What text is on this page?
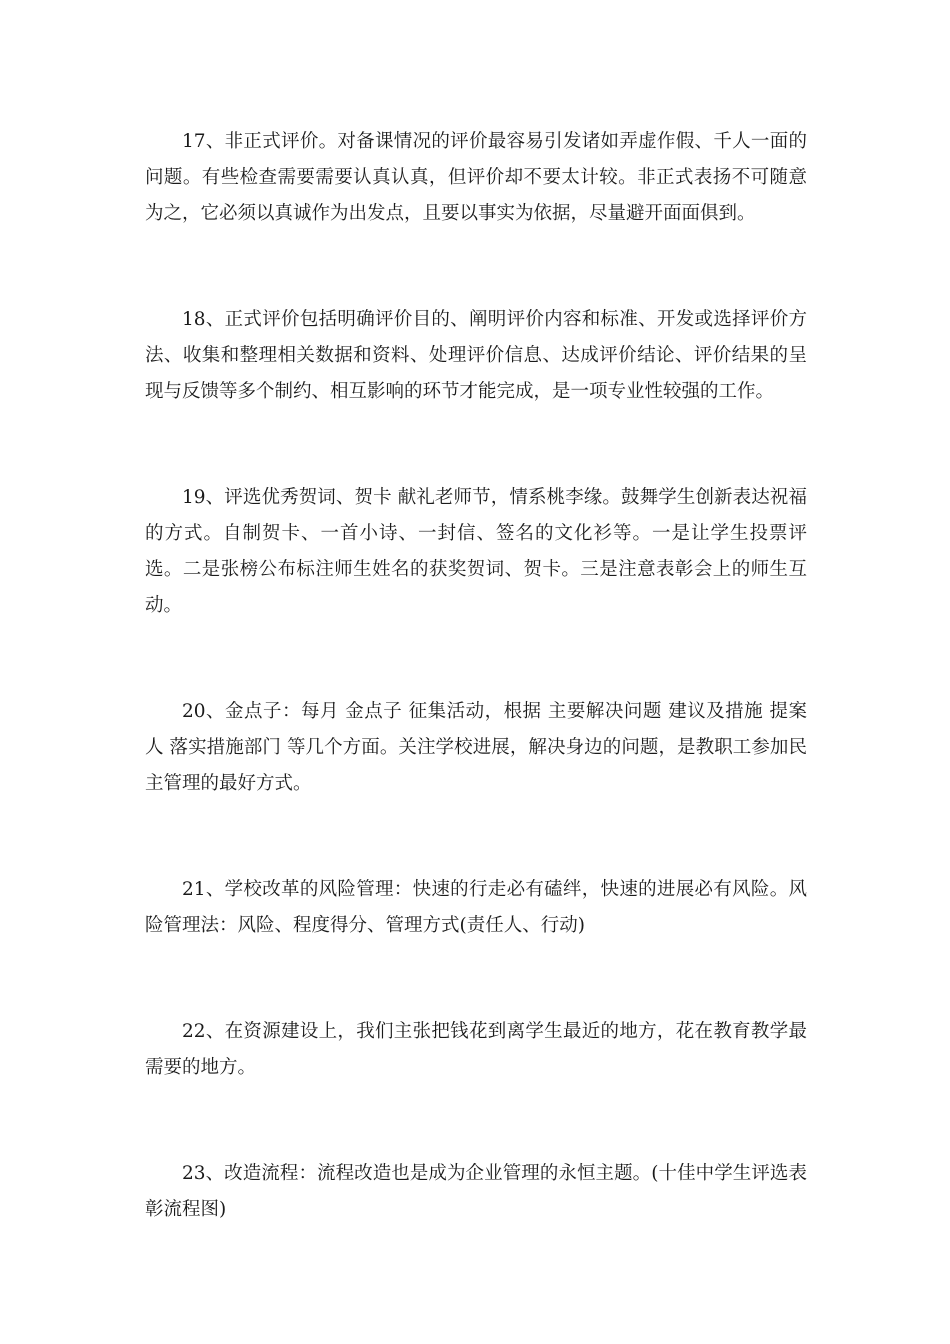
17、非正式评价。对备课情况的评价最容易引发诸如弄虚作假、千人一面的问题。有些检查需要需要认真认真，但评价却不要太计较。非正式表扬不可随意为之，它必须以真诚作为出发点，且要以事实为依据，尽量避开面面俱到。

18、正式评价包括明确评价目的、阐明评价内容和标准、开发或选择评价方法、收集和整理相关数据和资料、处理评价信息、达成评价结论、评价结果的呈现与反馈等多个制约、相互影响的环节才能完成，是一项专业性较强的工作。

19、评选优秀贺词、贺卡 献礼老师节，情系桃李缘。鼓舞学生创新表达祝福的方式。自制贺卡、一首小诗、一封信、签名的文化衫等。一是让学生投票评选。二是张榜公布标注师生姓名的获奖贺词、贺卡。三是注意表彰会上的师生互动。

20、金点子：每月 金点子 征集活动，根据 主要解决问题 建议及措施 提案人 落实措施部门 等几个方面。关注学校进展，解决身边的问题，是教职工参加民主管理的最好方式。

21、学校改革的风险管理：快速的行走必有磕绊，快速的进展必有风险。风险管理法：风险、程度得分、管理方式(责任人、行动)

22、在资源建设上，我们主张把钱花到离学生最近的地方，花在教育教学最需要的地方。

23、改造流程：流程改造也是成为企业管理的永恒主题。(十佳中学生评选表彰流程图)
